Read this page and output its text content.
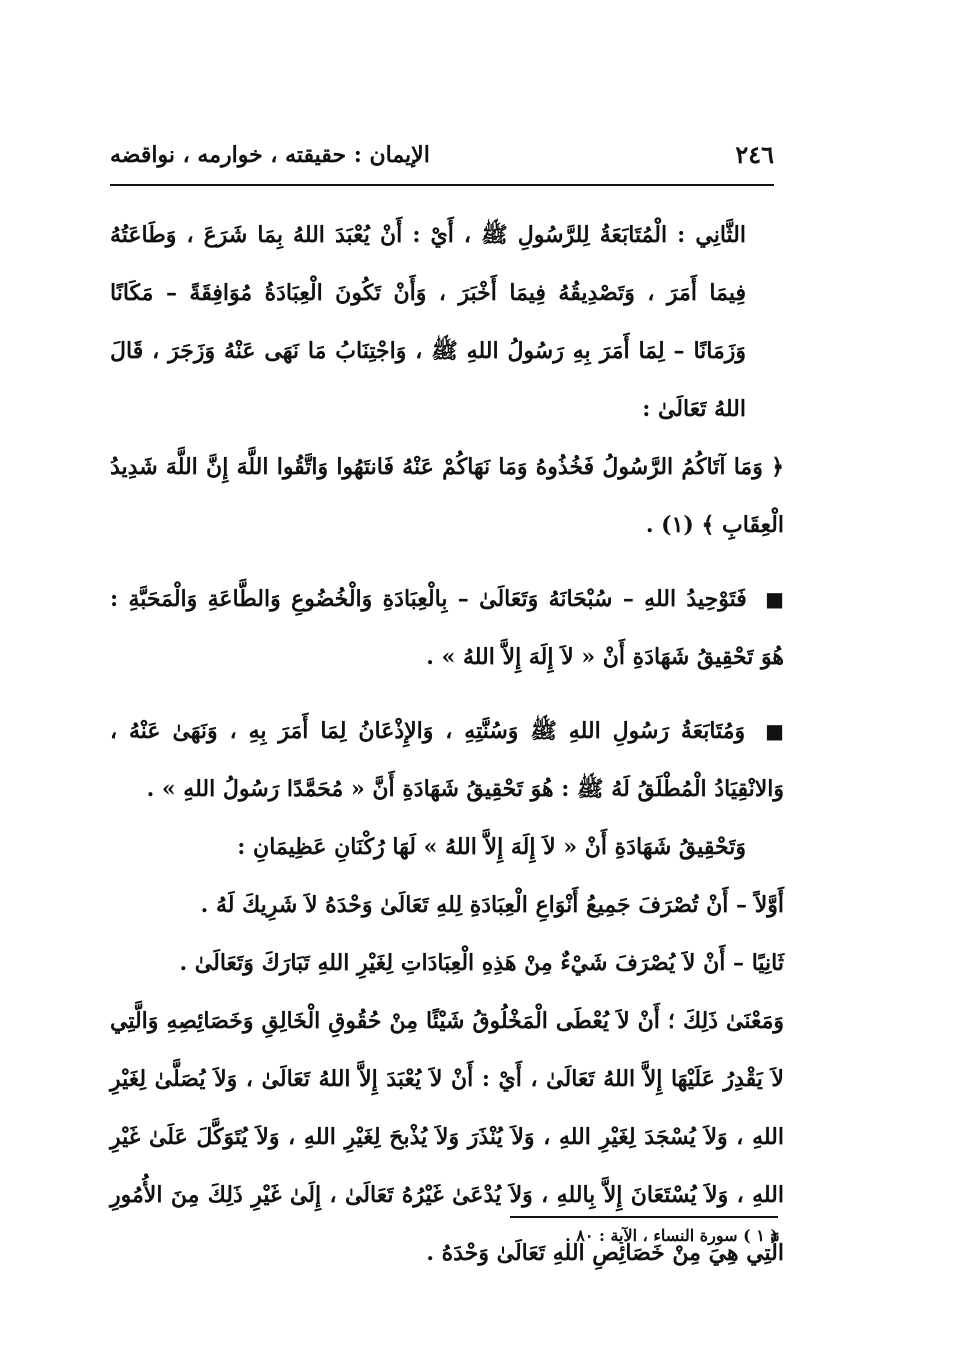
٢٤٦
الإيمان : حقيقته ، خوارمه ، نواقضه

الثَّانِي : الْمُتَابَعَةُ لِلرَّسُولِ ﷺ ، أَيْ : أَنْ يُعْبَدَ اللهُ بِمَا شَرَعَ ، وَطَاعَتُهُ فِيمَا أَمَرَ ، وَتَصْدِيقُهُ فِيمَا أَخْبَرَ ، وَأَنْ تَكُونَ الْعِبَادَةُ مُوَافِقَةً – مَكَانًا وَزَمَانًا – لِمَا أَمَرَ بِهِ رَسُولُ اللهِ ﷺ ، وَاجْتِنَابُ مَا نَهَى عَنْهُ وَزَجَرَ ، قَالَ اللهُ تَعَالَىٰ :

﴿ وَمَا آتَاكُمُ الرَّسُولُ فَخُذُوهُ وَمَا نَهَاكُمْ عَنْهُ فَانتَهُوا وَاتَّقُوا اللَّهَ إِنَّ اللَّهَ شَدِيدُ الْعِقَابِ ﴾ (١) .

■ فَتَوْحِيدُ اللهِ – سُبْحَانَهُ وَتَعَالَىٰ – بِالْعِبَادَةِ وَالْخُضُوعِ وَالطَّاعَةِ وَالْمَحَبَّةِ : هُوَ تَحْقِيقُ شَهَادَةِ أَنْ « لاَ إِلَهَ إِلاَّ اللهُ » .

■ وَمُتَابَعَةُ رَسُولِ اللهِ ﷺ وَسُنَّتِهِ ، وَالإِذْعَانُ لِمَا أَمَرَ بِهِ ، وَنَهَىٰ عَنْهُ ، وَالانْقِيَادُ الْمُطْلَقُ لَهُ ﷺ : هُوَ تَحْقِيقُ شَهَادَةِ أَنَّ « مُحَمَّدًا رَسُولُ اللهِ » .

وَتَحْقِيقُ شَهَادَةِ أَنْ « لاَ إِلَهَ إِلاَّ اللهُ » لَهَا رُكْنَانِ عَظِيمَانِ :

أَوَّلاً – أَنْ تُصْرَفَ جَمِيعُ أَنْوَاعِ الْعِبَادَةِ لِلهِ تَعَالَىٰ وَحْدَهُ لاَ شَرِيكَ لَهُ .

ثَانِيًا – أَنْ لاَ يُصْرَفَ شَيْءٌ مِنْ هَذِهِ الْعِبَادَاتِ لِغَيْرِ اللهِ تَبَارَكَ وَتَعَالَىٰ .

وَمَعْنَىٰ ذَلِكَ ؛ أَنْ لاَ يُعْطَى الْمَخْلُوقُ شَيْئًا مِنْ حُقُوقِ الْخَالِقِ وَخَصَائِصِهِ وَالَّتِي لاَ يَقْدِرُ عَلَيْهَا إِلاَّ اللهُ تَعَالَىٰ ، أَيْ : أَنْ لاَ يُعْبَدَ إِلاَّ اللهُ تَعَالَىٰ ، وَلاَ يُصَلَّىٰ لِغَيْرِ اللهِ ، وَلاَ يُسْجَدَ لِغَيْرِ اللهِ ، وَلاَ يُنْذَرَ وَلاَ يُذْبحَ لِغَيْرِ اللهِ ، وَلاَ يُتَوَكَّلَ عَلَىٰ غَيْرِ اللهِ ، وَلاَ يُسْتَعَانَ إِلاَّ بِاللهِ ، وَلاَ يُدْعَىٰ غَيْرُهُ تَعَالَىٰ ، إِلَىٰ غَيْرِ ذَلِكَ مِنَ الأُمُورِ الَّتِي هِيَ مِنْ خَصَائِصِ اللهِ تَعَالَىٰ وَحْدَهُ .

( ١ ) سورة النساء ، الآية : ٨٠ .
